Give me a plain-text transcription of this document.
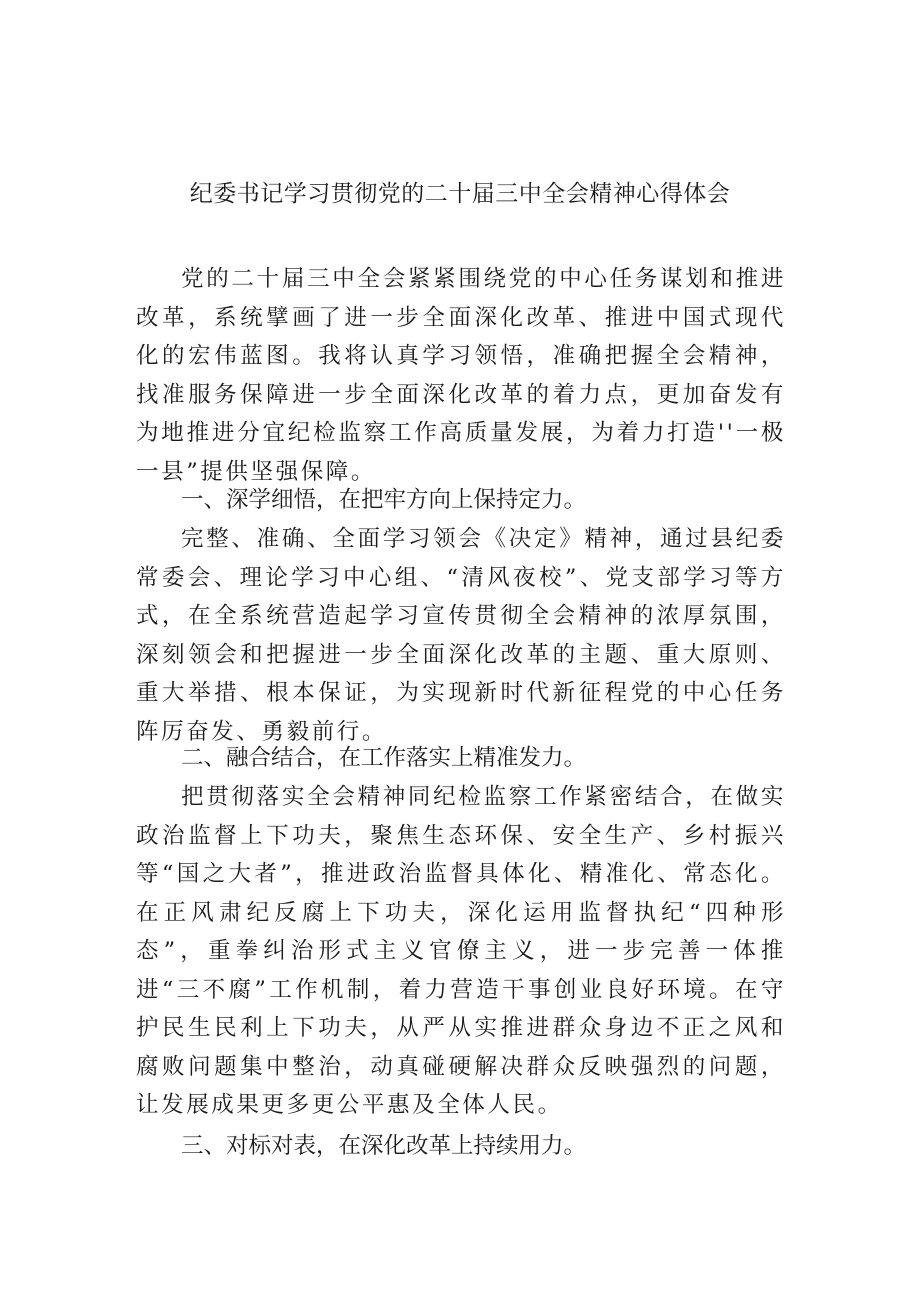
纪委书记学习贯彻党的二十届三中全会精神心得体会

党的二十届三中全会紧紧围绕党的中心任务谋划和推进改革，系统擘画了进一步全面深化改革、推进中国式现代化的宏伟蓝图。我将认真学习领悟，准确把握全会精神，找准服务保障进一步全面深化改革的着力点，更加奋发有为地推进分宜纪检监察工作高质量发展，为着力打造''一极一县”提供坚强保障。

一、深学细悟，在把牢方向上保持定力。

完整、准确、全面学习领会《决定》精神，通过县纪委常委会、理论学习中心组、“清风夜校”、党支部学习等方式，在全系统营造起学习宣传贯彻全会精神的浓厚氛围，深刻领会和把握进一步全面深化改革的主题、重大原则、重大举措、根本保证，为实现新时代新征程党的中心任务阵厉奋发、勇毅前行。

二、融合结合，在工作落实上精准发力。

把贯彻落实全会精神同纪检监察工作紧密结合，在做实政治监督上下功夫，聚焦生态环保、安全生产、乡村振兴等“国之大者”，推进政治监督具体化、精准化、常态化。在正风肃纪反腐上下功夫，深化运用监督执纪“四种形态”，重拳纠治形式主义官僚主义，进一步完善一体推进“三不腐”工作机制，着力营造干事创业良好环境。在守护民生民利上下功夫，从严从实推进群众身边不正之风和腐败问题集中整治，动真碰硬解决群众反映强烈的问题，让发展成果更多更公平惠及全体人民。

三、对标对表，在深化改革上持续用力。
